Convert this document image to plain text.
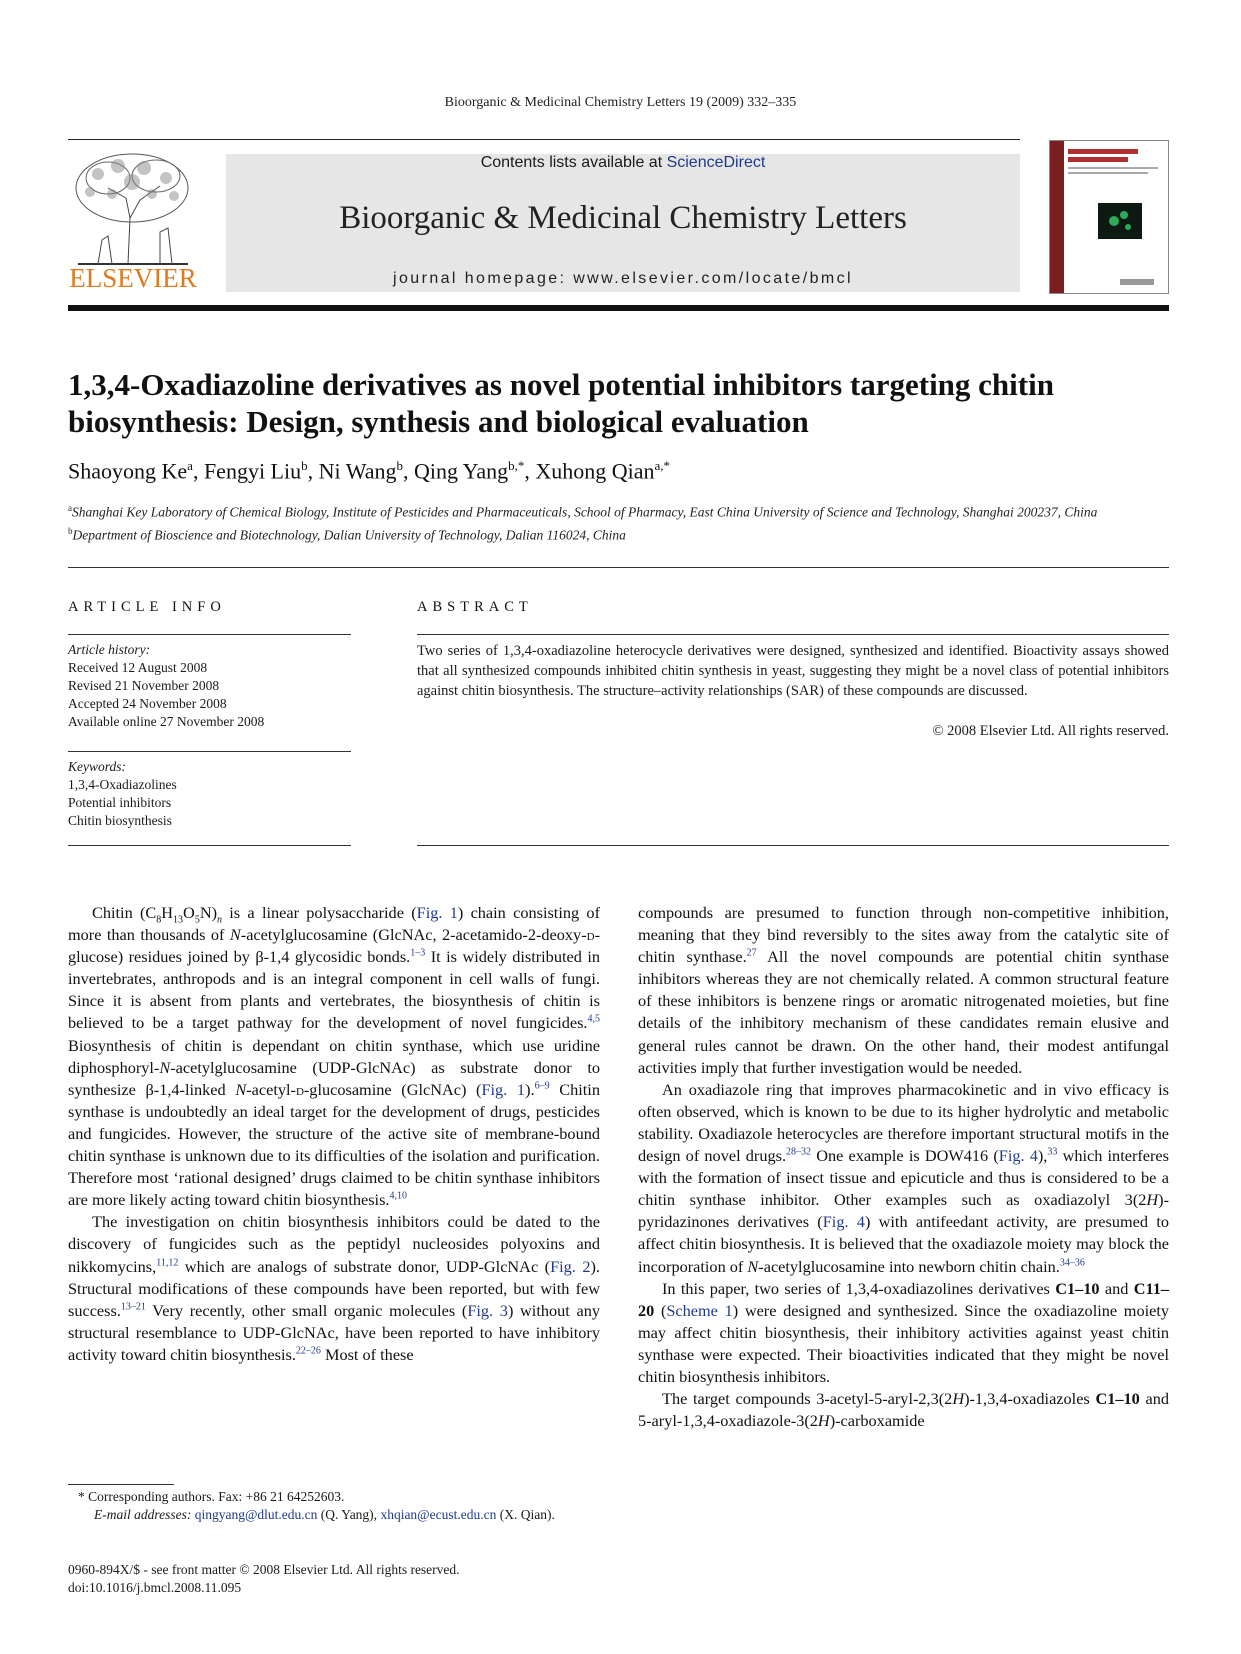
Bioorganic & Medicinal Chemistry Letters 19 (2009) 332–335
ELSEVIER
Contents lists available at ScienceDirect
Bioorganic & Medicinal Chemistry Letters
journal homepage: www.elsevier.com/locate/bmcl
1,3,4-Oxadiazoline derivatives as novel potential inhibitors targeting chitin biosynthesis: Design, synthesis and biological evaluation
Shaoyong Ke$^a$, Fengyi Liu$^b$, Ni Wang$^b$, Qing Yang$^{b,*}$, Xuhong Qian$^{a,*}$
$^a$Shanghai Key Laboratory of Chemical Biology, Institute of Pesticides and Pharmaceuticals, School of Pharmacy, East China University of Science and Technology, Shanghai 200237, China
$^b$Department of Bioscience and Biotechnology, Dalian University of Technology, Dalian 116024, China
ARTICLE INFO	ABSTRACT
Article history:
Received 12 August 2008
Revised 21 November 2008
Accepted 24 November 2008
Available online 27 November 2008
Keywords:
1,3,4-Oxadiazolines
Potential inhibitors
Chitin biosynthesis
Two series of 1,3,4-oxadiazoline heterocycle derivatives were designed, synthesized and identified. Bioactivity assays showed that all synthesized compounds inhibited chitin synthesis in yeast, suggesting they might be a novel class of potential inhibitors against chitin biosynthesis. The structure–activity relationships (SAR) of these compounds are discussed.
© 2008 Elsevier Ltd. All rights reserved.

Chitin $(C_8H_{13}O_5N)_n$ is a linear polysaccharide (Fig. 1) chain consisting of more than thousands of N-acetylglucosamine (GlcNAc, 2-acetamido-2-deoxy-d-glucose) residues joined by β-1,4 glycosidic bonds.$^{1-3}$ It is widely distributed in invertebrates, anthropods and is an integral component in cell walls of fungi. Since it is absent from plants and vertebrates, the biosynthesis of chitin is believed to be a target pathway for the development of novel fungicides.$^{4,5}$ Biosynthesis of chitin is dependant on chitin synthase, which use uridine diphosphoryl-N-acetylglucosamine (UDP-GlcNAc) as substrate donor to synthesize β-1,4-linked N-acetyl-d-glucosamine (GlcNAc) (Fig. 1).$^{6-9}$ Chitin synthase is undoubtedly an ideal target for the development of drugs, pesticides and fungicides. However, the structure of the active site of membrane-bound chitin synthase is unknown due to its difficulties of the isolation and purification. Therefore most ‘rational designed’ drugs claimed to be chitin synthase inhibitors are more likely acting toward chitin biosynthesis.$^{4,10}$

The investigation on chitin biosynthesis inhibitors could be dated to the discovery of fungicides such as the peptidyl nucleosides polyoxins and nikkomycins,$^{11,12}$ which are analogs of substrate donor, UDP-GlcNAc (Fig. 2). Structural modifications of these compounds have been reported, but with few success.$^{13-21}$ Very recently, other small organic molecules (Fig. 3) without any structural resemblance to UDP-GlcNAc, have been reported to have inhibitory activity toward chitin biosynthesis.$^{22-26}$ Most of these

compounds are presumed to function through non-competitive inhibition, meaning that they bind reversibly to the sites away from the catalytic site of chitin synthase.$^{27}$ All the novel compounds are potential chitin synthase inhibitors whereas they are not chemically related. A common structural feature of these inhibitors is benzene rings or aromatic nitrogenated moieties, but fine details of the inhibitory mechanism of these candidates remain elusive and general rules cannot be drawn. On the other hand, their modest antifungal activities imply that further investigation would be needed.

An oxadiazole ring that improves pharmacokinetic and in vivo efficacy is often observed, which is known to be due to its higher hydrolytic and metabolic stability. Oxadiazole heterocycles are therefore important structural motifs in the design of novel drugs.$^{28-32}$ One example is DOW416 (Fig. 4),$^{33}$ which interferes with the formation of insect tissue and epicuticle and thus is considered to be a chitin synthase inhibitor. Other examples such as oxadiazolyl 3(2H)-pyridazinones derivatives (Fig. 4) with antifeedant activity, are presumed to affect chitin biosynthesis. It is believed that the oxadiazole moiety may block the incorporation of N-acetylglucosamine into newborn chitin chain.$^{34-36}$

In this paper, two series of 1,3,4-oxadiazolines derivatives C1–10 and C11–20 (Scheme 1) were designed and synthesized. Since the oxadiazoline moiety may affect chitin biosynthesis, their inhibitory activities against yeast chitin synthase were expected. Their bioactivities indicated that they might be novel chitin biosynthesis inhibitors.

The target compounds 3-acetyl-5-aryl-2,3(2H)-1,3,4-oxadiazoles C1–10 and 5-aryl-1,3,4-oxadiazole-3(2H)-carboxamide

* Corresponding authors. Fax: +86 21 64252603.
E-mail addresses: qingyang@dlut.edu.cn (Q. Yang), xhqian@ecust.edu.cn (X. Qian).
0960-894X/$ - see front matter © 2008 Elsevier Ltd. All rights reserved.
doi:10.1016/j.bmcl.2008.11.095
